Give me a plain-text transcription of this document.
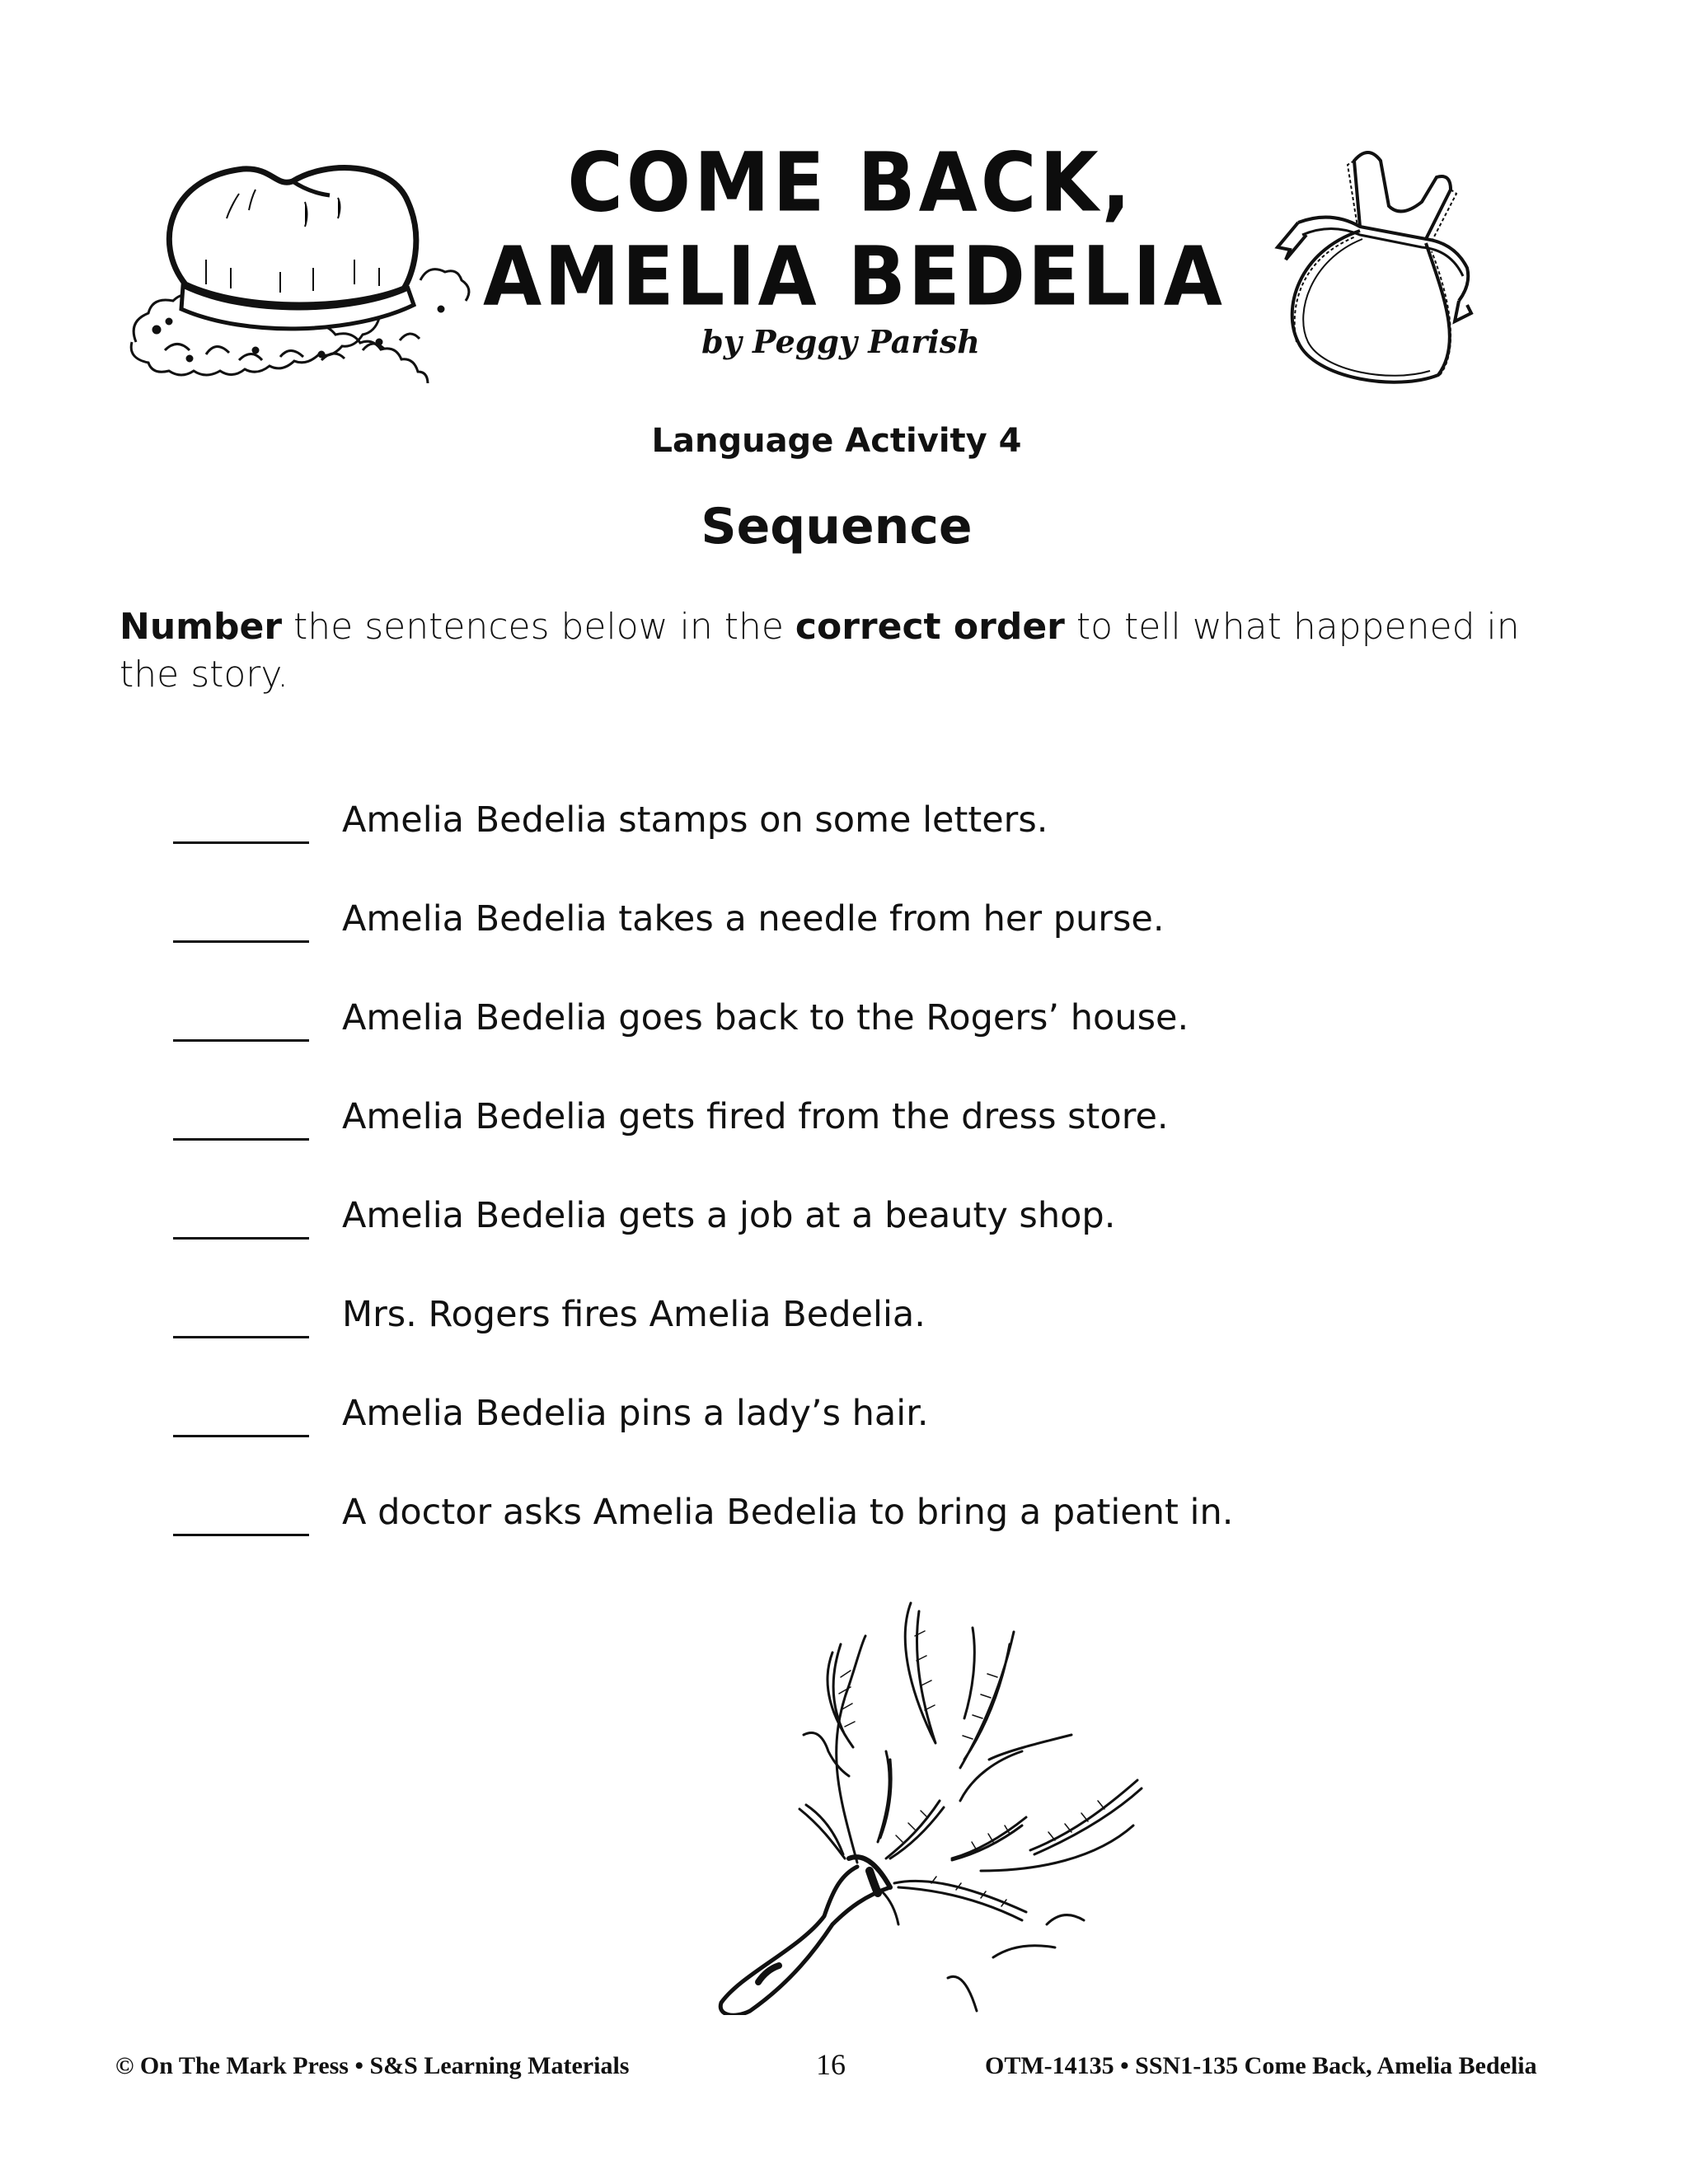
COME BACK,
AMELIA BEDELIA
by Peggy Parish
Language Activity 4
Sequence
Number the sentences below in the correct order to tell what happened in the story.
Amelia Bedelia stamps on some letters.
Amelia Bedelia takes a needle from her purse.
Amelia Bedelia goes back to the Rogers’ house.
Amelia Bedelia gets fired from the dress store.
Amelia Bedelia gets a job at a beauty shop.
Mrs. Rogers fires Amelia Bedelia.
Amelia Bedelia pins a lady’s hair.
A doctor asks Amelia Bedelia to bring a patient in.
© On The Mark Press • S&S Learning Materials	16	OTM-14135 • SSN1-135 Come Back, Amelia Bedelia
